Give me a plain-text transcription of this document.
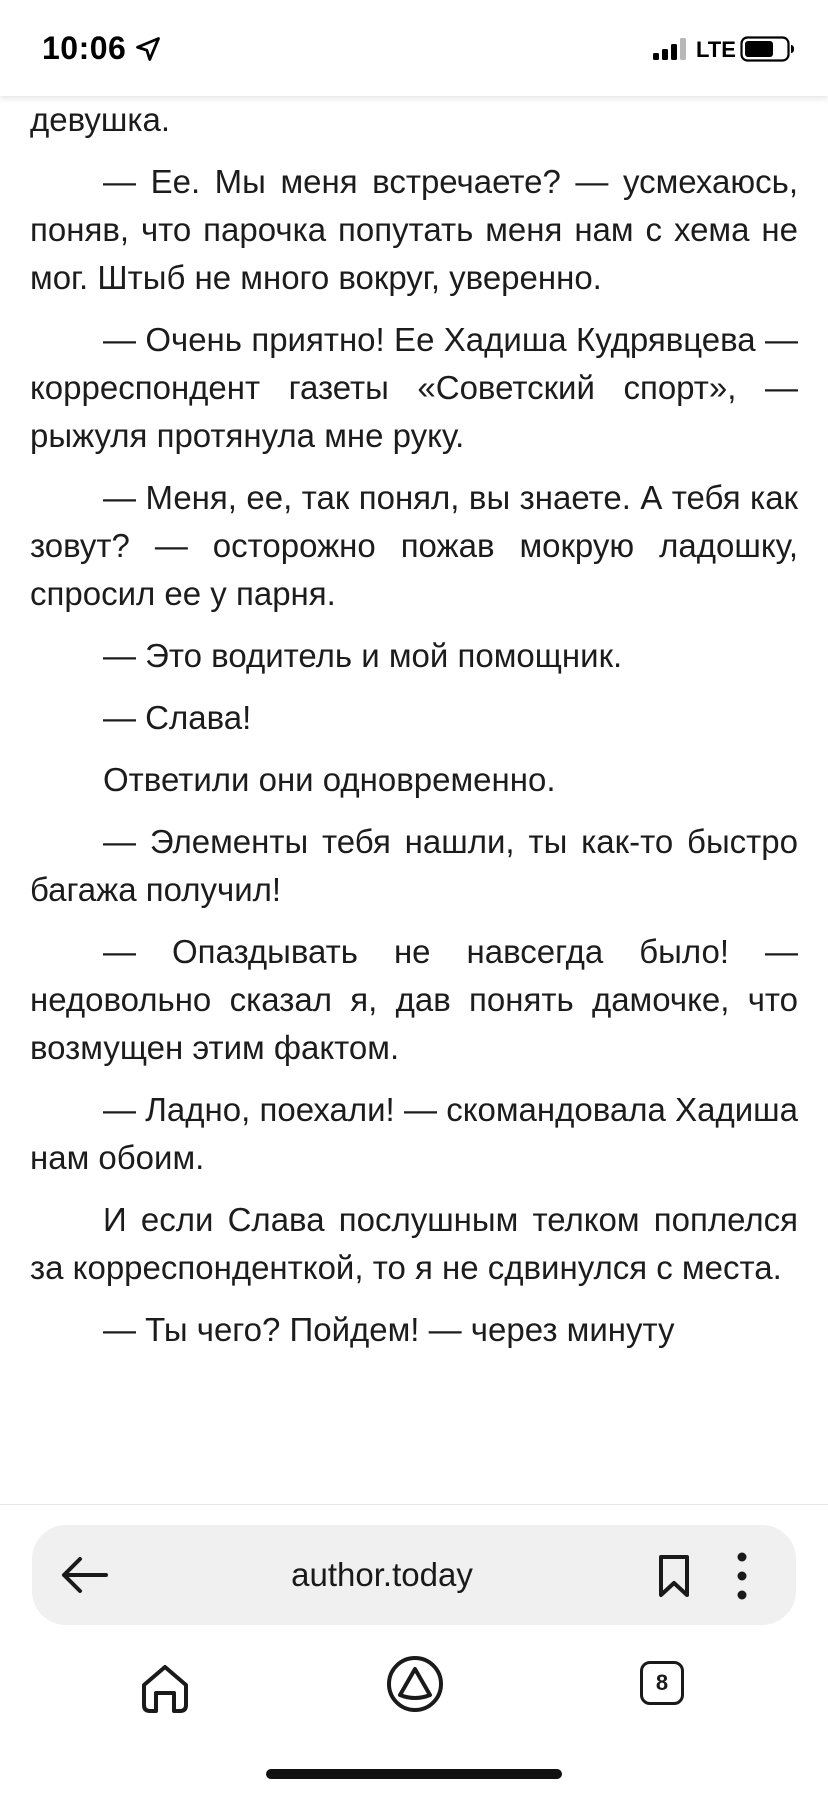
10:06	LTE

девушка.

— Ее. Мы меня встречаете? — усмехаюсь, поняв, что парочка попутать меня нам с хема не мог. Штыб не много вокруг, уверенно.

— Очень приятно! Ее Хадиша Кудрявцева — корреспондент газеты «Советский спорт», — рыжуля протянула мне руку.

— Меня, ее, так понял, вы знаете. А тебя как зовут? — осторожно пожав мокрую ладошку, спросил ее у парня.

— Это водитель и мой помощник.

— Слава!

Ответили они одновременно.

— Элементы тебя нашли, ты как-то быстро багажа получил!

— Опаздывать не навсегда было! — недовольно сказал я, дав понять дамочке, что возмущен этим фактом.

— Ладно, поехали! — скомандовала Хадиша нам обоим.

И если Слава послушным телком поплелся за корреспонденткой, то я не сдвинулся с места.

— Ты чего? Пойдем! — через минуту

author.today
8
